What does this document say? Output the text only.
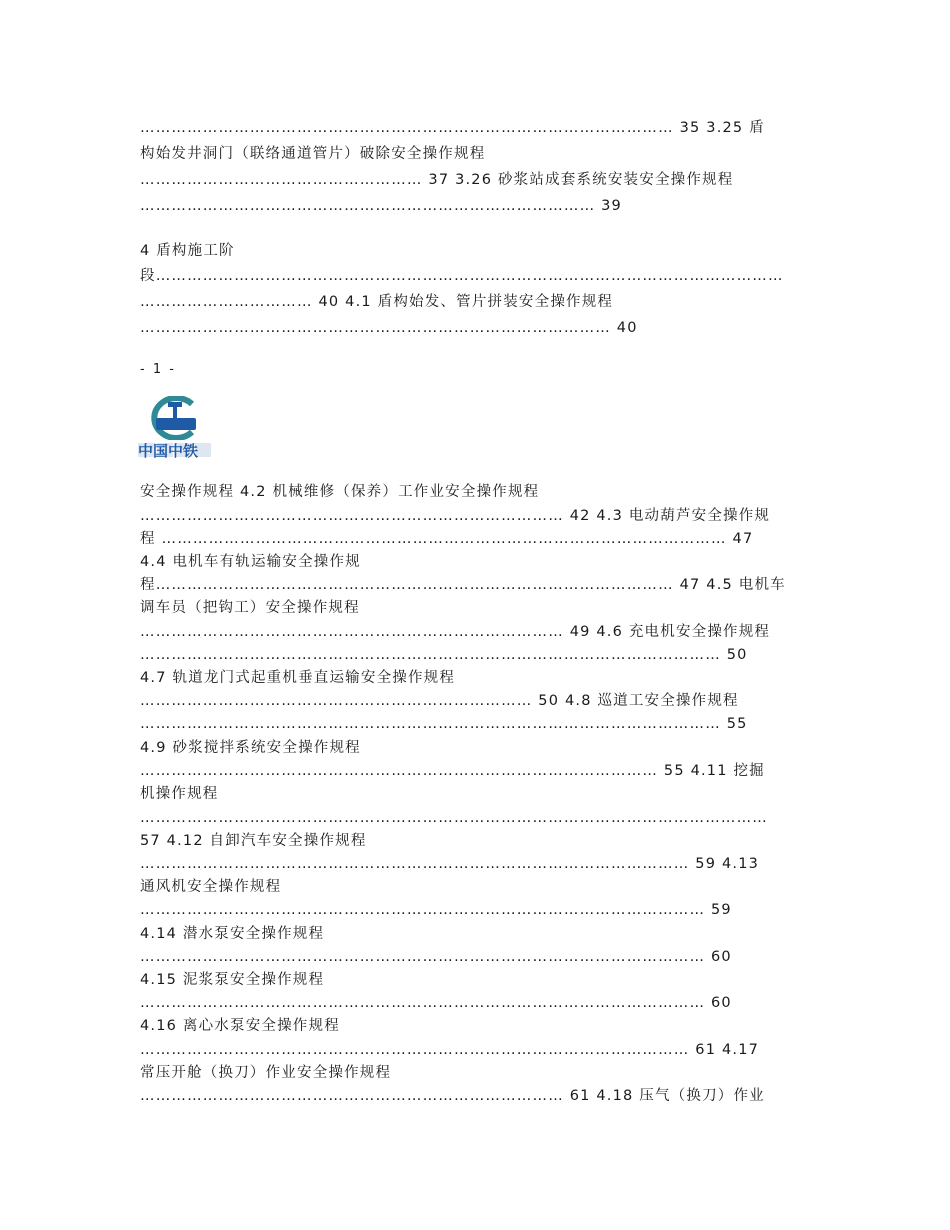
………………………………………………………………………………………… 35 3.25 盾
构始发井洞门（联络通道管片）破除安全操作规程
……………………………………………… 37 3.26 砂浆站成套系统安装安全操作规程
…………………………………………………………………………… 39
4 盾构施工阶
段…………………………………………………………………………………………………………
…………………………… 40 4.1 盾构始发、管片拼装安全操作规程
……………………………………………………………………………… 40
- 1 -
中国中铁
安全操作规程 4.2 机械维修（保养）工作业安全操作规程
……………………………………………………………………… 42 4.3 电动葫芦安全操作规
程 ……………………………………………………………………………………………… 47
4.4 电机车有轨运输安全操作规
程……………………………………………………………………………………… 47 4.5 电机车
调车员（把钩工）安全操作规程
……………………………………………………………………… 49 4.6 充电机安全操作规程
………………………………………………………………………………………………… 50
4.7 轨道龙门式起重机垂直运输安全操作规程
………………………………………………………………… 50 4.8 巡道工安全操作规程
………………………………………………………………………………………………… 55
4.9 砂浆搅拌系统安全操作规程
……………………………………………………………………………………… 55 4.11 挖掘
机操作规程
…………………………………………………………………………………………………………
57 4.12 自卸汽车安全操作规程
…………………………………………………………………………………………… 59 4.13
通风机安全操作规程
……………………………………………………………………………………………… 59
4.14 潜水泵安全操作规程
……………………………………………………………………………………………… 60
4.15 泥浆泵安全操作规程
……………………………………………………………………………………………… 60
4.16 离心水泵安全操作规程
…………………………………………………………………………………………… 61 4.17
常压开舱（换刀）作业安全操作规程
……………………………………………………………………… 61 4.18 压气（换刀）作业
